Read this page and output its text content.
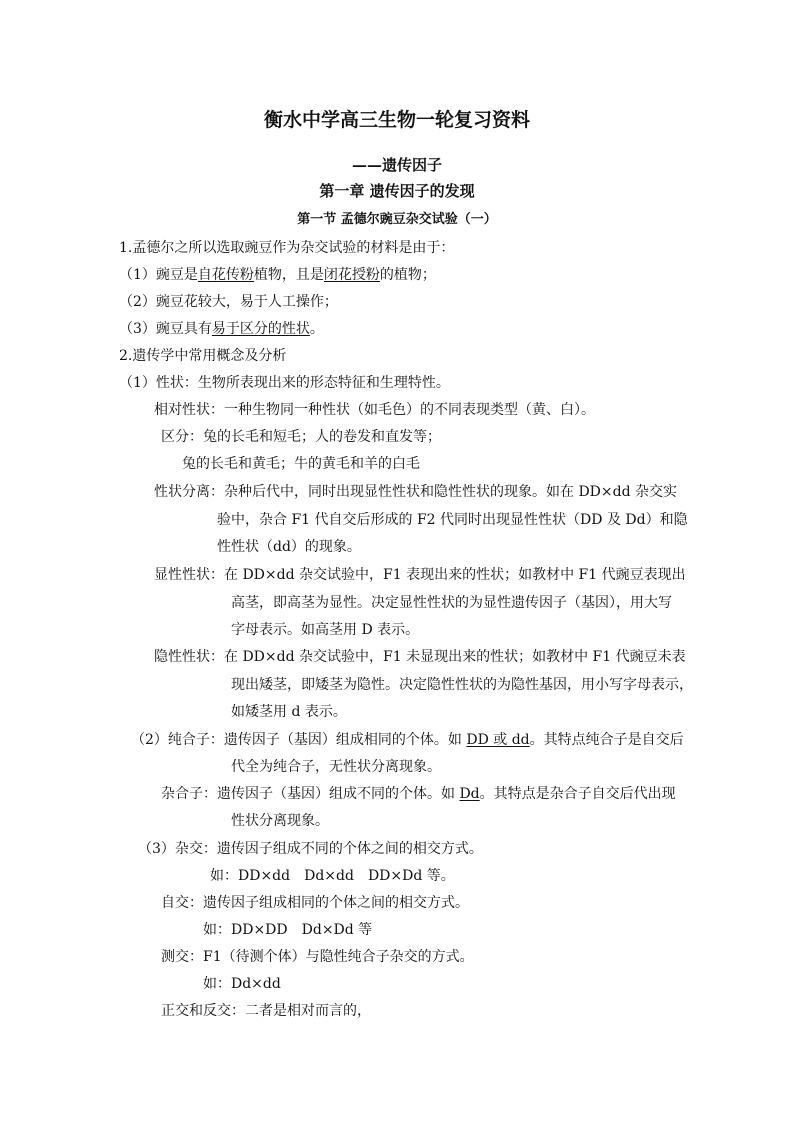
衡水中学高三生物一轮复习资料
——遗传因子
第一章 遗传因子的发现
第一节 孟德尔豌豆杂交试验（一）
1.孟德尔之所以选取豌豆作为杂交试验的材料是由于：
（1）豌豆是自花传粉植物，且是闭花授粉的植物；
（2）豌豆花较大，易于人工操作；
（3）豌豆具有易于区分的性状。
2.遗传学中常用概念及分析
（1）性状：生物所表现出来的形态特征和生理特性。
相对性状：一种生物同一种性状（如毛色）的不同表现类型（黄、白）。
区分：兔的长毛和短毛；人的卷发和直发等；
兔的长毛和黄毛；牛的黄毛和羊的白毛
性状分离：杂种后代中，同时出现显性性状和隐性性状的现象。如在 DD×dd 杂交实
验中，杂合 F1 代自交后形成的 F2 代同时出现显性性状（DD 及 Dd）和隐
性性状（dd）的现象。
显性性状：在 DD×dd 杂交试验中，F1 表现出来的性状；如教材中 F1 代豌豆表现出
高茎，即高茎为显性。决定显性性状的为显性遗传因子（基因），用大写
字母表示。如高茎用 D 表示。
隐性性状：在 DD×dd 杂交试验中，F1 未显现出来的性状；如教材中 F1 代豌豆未表
现出矮茎，即矮茎为隐性。决定隐性性状的为隐性基因，用小写字母表示，
如矮茎用 d 表示。
（2）纯合子：遗传因子（基因）组成相同的个体。如 DD 或 dd。其特点纯合子是自交后
代全为纯合子，无性状分离现象。
杂合子：遗传因子（基因）组成不同的个体。如 Dd。其特点是杂合子自交后代出现
性状分离现象。
（3）杂交：遗传因子组成不同的个体之间的相交方式。
如：DD×dd　Dd×dd　DD×Dd 等。
自交：遗传因子组成相同的个体之间的相交方式。
如：DD×DD　Dd×Dd 等
测交：F1（待测个体）与隐性纯合子杂交的方式。
如：Dd×dd
正交和反交：二者是相对而言的，
